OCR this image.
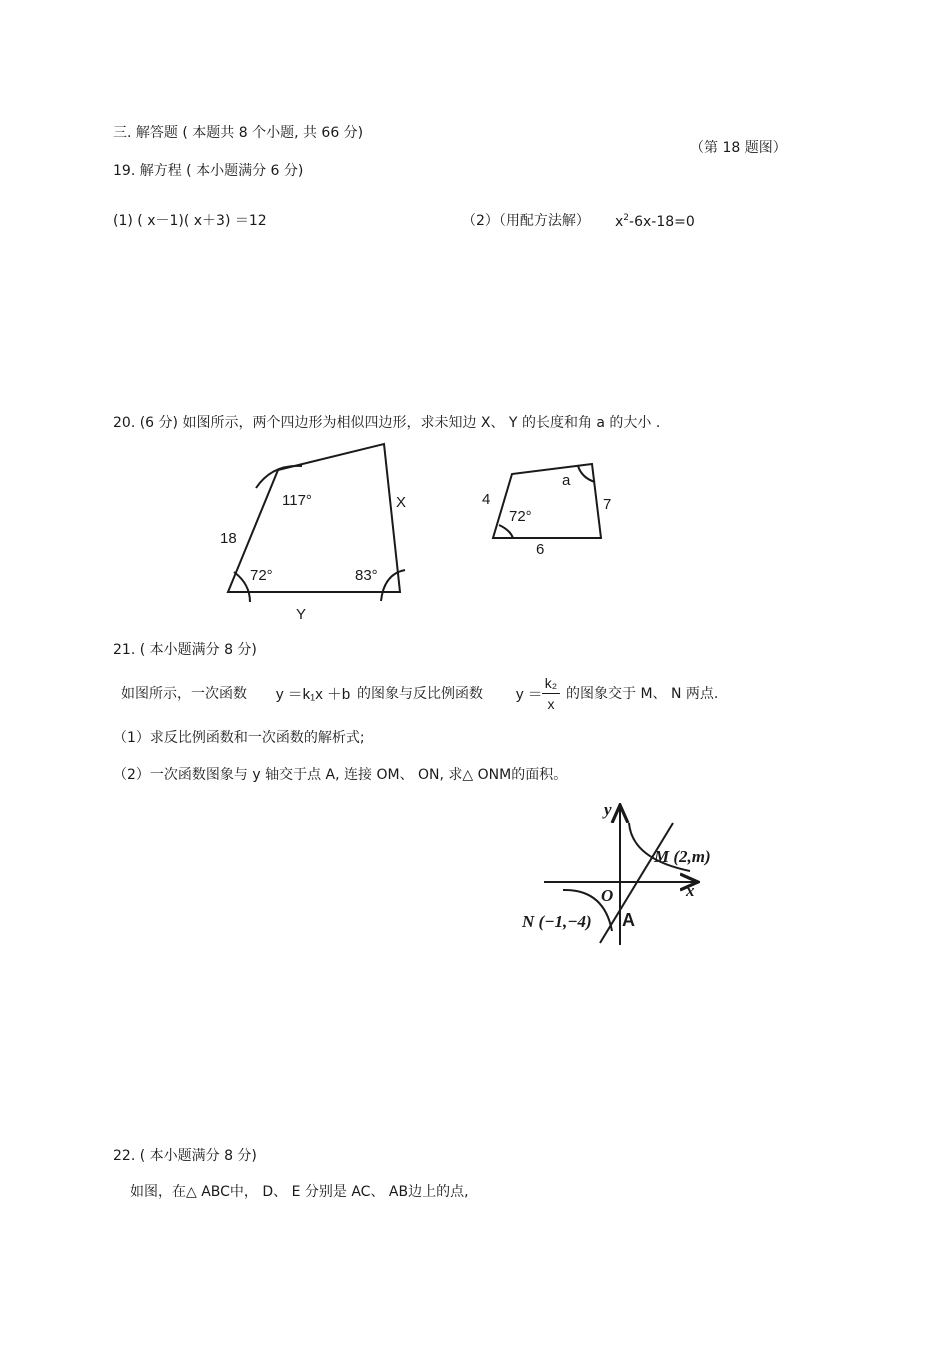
三. 解答题 ( 本题共 8 个小题, 共 66 分)
（第 18 题图）
19. 解方程 ( 本小题满分 6 分)
(1) ( x－1)( x＋3) ＝12	（2）（用配方法解） $x^2-6x-18=0$
20. (6 分) 如图所示，两个四边形为相似四边形，求未知边 X、 Y 的长度和角 a 的大小 .
117°	X
18
72°	83°
Y
4
a
7
72°
6
21. ( 本小题满分 8 分)
如图所示，一次函数 y ＝k₁x ＋b 的图象与反比例函数 y ＝
k₂
x
的图象交于 M、 N 两点.
（1）求反比例函数和一次函数的解析式;
（2）一次函数图象与 y 轴交于点 A, 连接 OM、 ON, 求△ ONM的面积。
y
x
O
M (2,m)
N (−1,−4) A
22. ( 本小题满分 8 分)
如图，在△ ABC中， D、 E 分别是 AC、 AB边上的点,
